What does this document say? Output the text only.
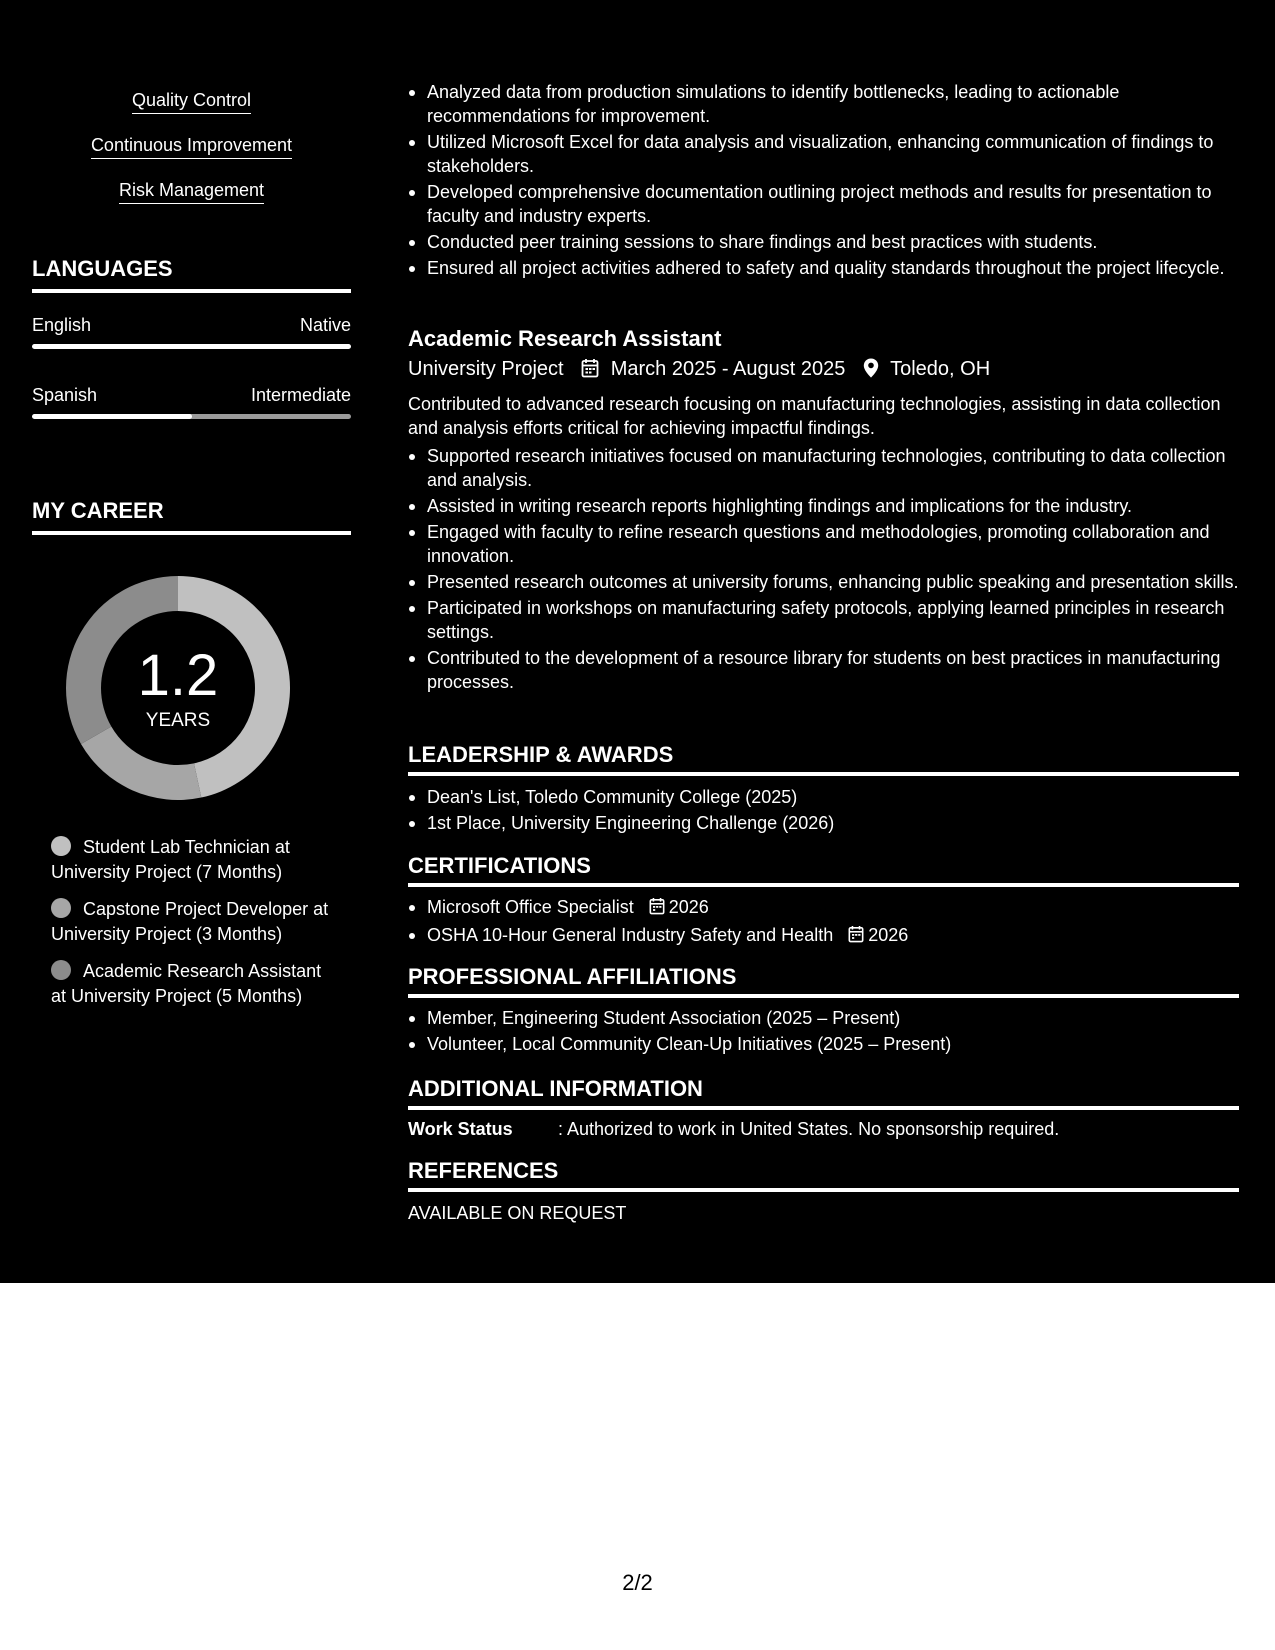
Quality Control
Continuous Improvement
Risk Management
LANGUAGES
English	Native
Spanish	Intermediate
MY CAREER
1.2
YEARS
Student Lab Technician at University Project (7 Months)
Capstone Project Developer at University Project (3 Months)
Academic Research Assistant at University Project (5 Months)
Analyzed data from production simulations to identify bottlenecks, leading to actionable recommendations for improvement.
Utilized Microsoft Excel for data analysis and visualization, enhancing communication of findings to stakeholders.
Developed comprehensive documentation outlining project methods and results for presentation to faculty and industry experts.
Conducted peer training sessions to share findings and best practices with students.
Ensured all project activities adhered to safety and quality standards throughout the project lifecycle.
Academic Research Assistant
University Project March 2025 - August 2025 Toledo, OH
Contributed to advanced research focusing on manufacturing technologies, assisting in data collection and analysis efforts critical for achieving impactful findings.
Supported research initiatives focused on manufacturing technologies, contributing to data collection and analysis.
Assisted in writing research reports highlighting findings and implications for the industry.
Engaged with faculty to refine research questions and methodologies, promoting collaboration and innovation.
Presented research outcomes at university forums, enhancing public speaking and presentation skills.
Participated in workshops on manufacturing safety protocols, applying learned principles in research settings.
Contributed to the development of a resource library for students on best practices in manufacturing processes.
LEADERSHIP & AWARDS
Dean's List, Toledo Community College (2025)
1st Place, University Engineering Challenge (2026)
CERTIFICATIONS
Microsoft Office Specialist 2026
OSHA 10-Hour General Industry Safety and Health 2026
PROFESSIONAL AFFILIATIONS
Member, Engineering Student Association (2025 – Present)
Volunteer, Local Community Clean-Up Initiatives (2025 – Present)
ADDITIONAL INFORMATION
Work Status	: Authorized to work in United States. No sponsorship required.
REFERENCES
AVAILABLE ON REQUEST
2/2
